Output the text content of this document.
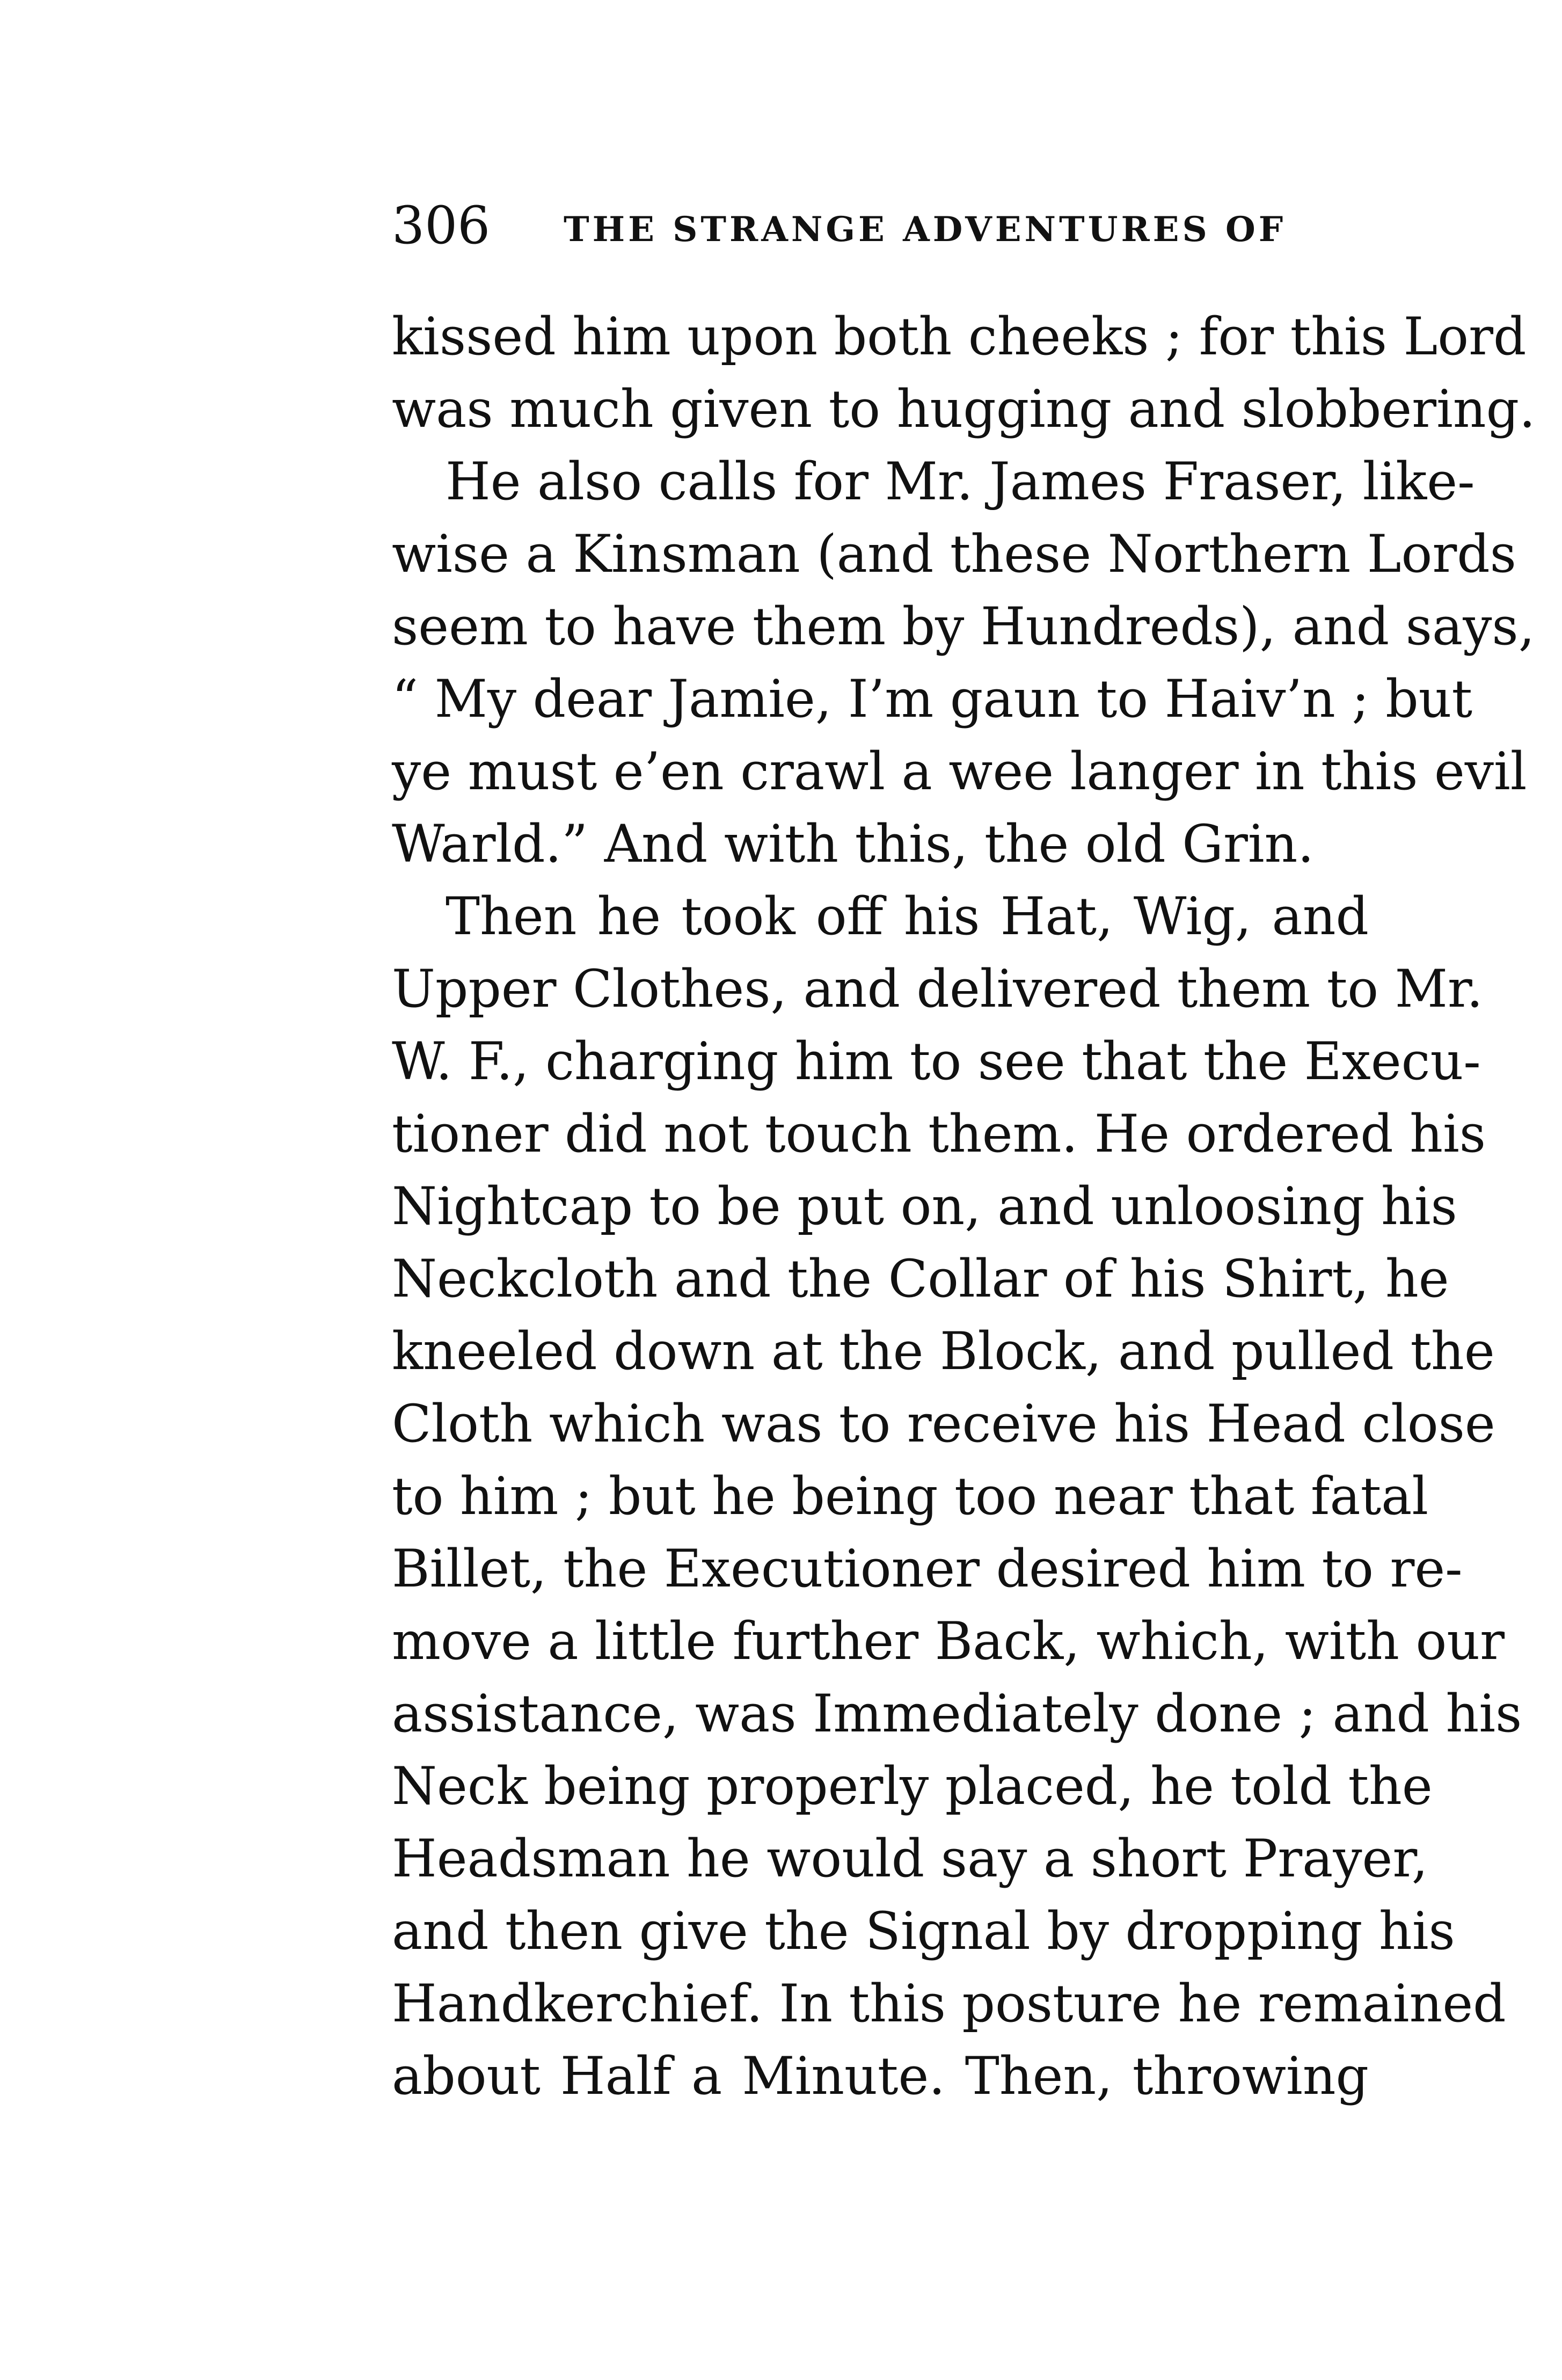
306 THE STRANGE ADVENTURES OF
kissed him upon both cheeks ; for this Lord
was much given to hugging and slobbering.
He also calls for Mr. James Fraser, like-
wise a Kinsman (and these Northern Lords
seem to have them by Hundreds), and says,
“ My dear Jamie, I’m gaun to Haiv’n ; but
ye must e’en crawl a wee langer in this evil
Warld.” And with this, the old Grin.
Then he took off his Hat, Wig, and
Upper Clothes, and delivered them to Mr.
W. F., charging him to see that the Execu-
tioner did not touch them. He ordered his
Nightcap to be put on, and unloosing his
Neckcloth and the Collar of his Shirt, he
kneeled down at the Block, and pulled the
Cloth which was to receive his Head close
to him ; but he being too near that fatal
Billet, the Executioner desired him to re-
move a little further Back, which, with our
assistance, was Immediately done ; and his
Neck being properly placed, he told the
Headsman he would say a short Prayer,
and then give the Signal by dropping his
Handkerchief. In this posture he remained
about Half a Minute. Then, throwing
